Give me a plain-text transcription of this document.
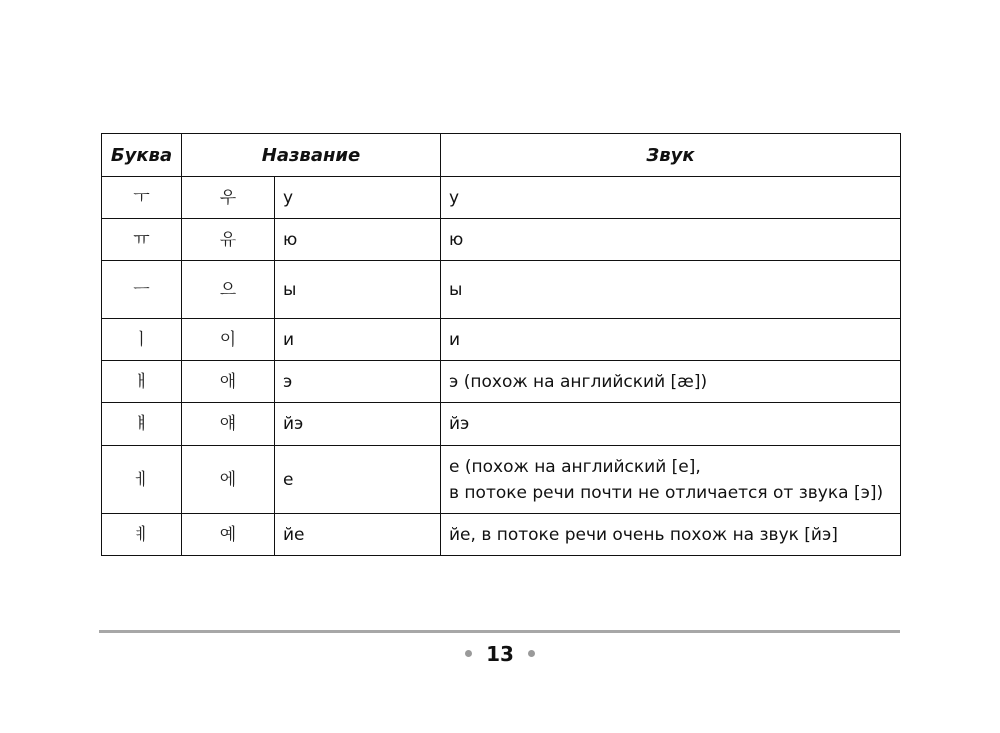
Буква	Название		Звук
ㅜ	우	у	у

ㅠ	유	ю	ю

ㅡ	으	ы	ы

ㅣ	이	и	и

ㅐ	애	э	э (похож на английский [æ])

ㅒ	얘	йэ	йэ

ㅔ	에	е	е (похож на английский [е],
в потоке речи почти не отличается от звука [э])

ㅖ	예	йе	йе, в потоке речи очень похож на звук [йэ]
13
